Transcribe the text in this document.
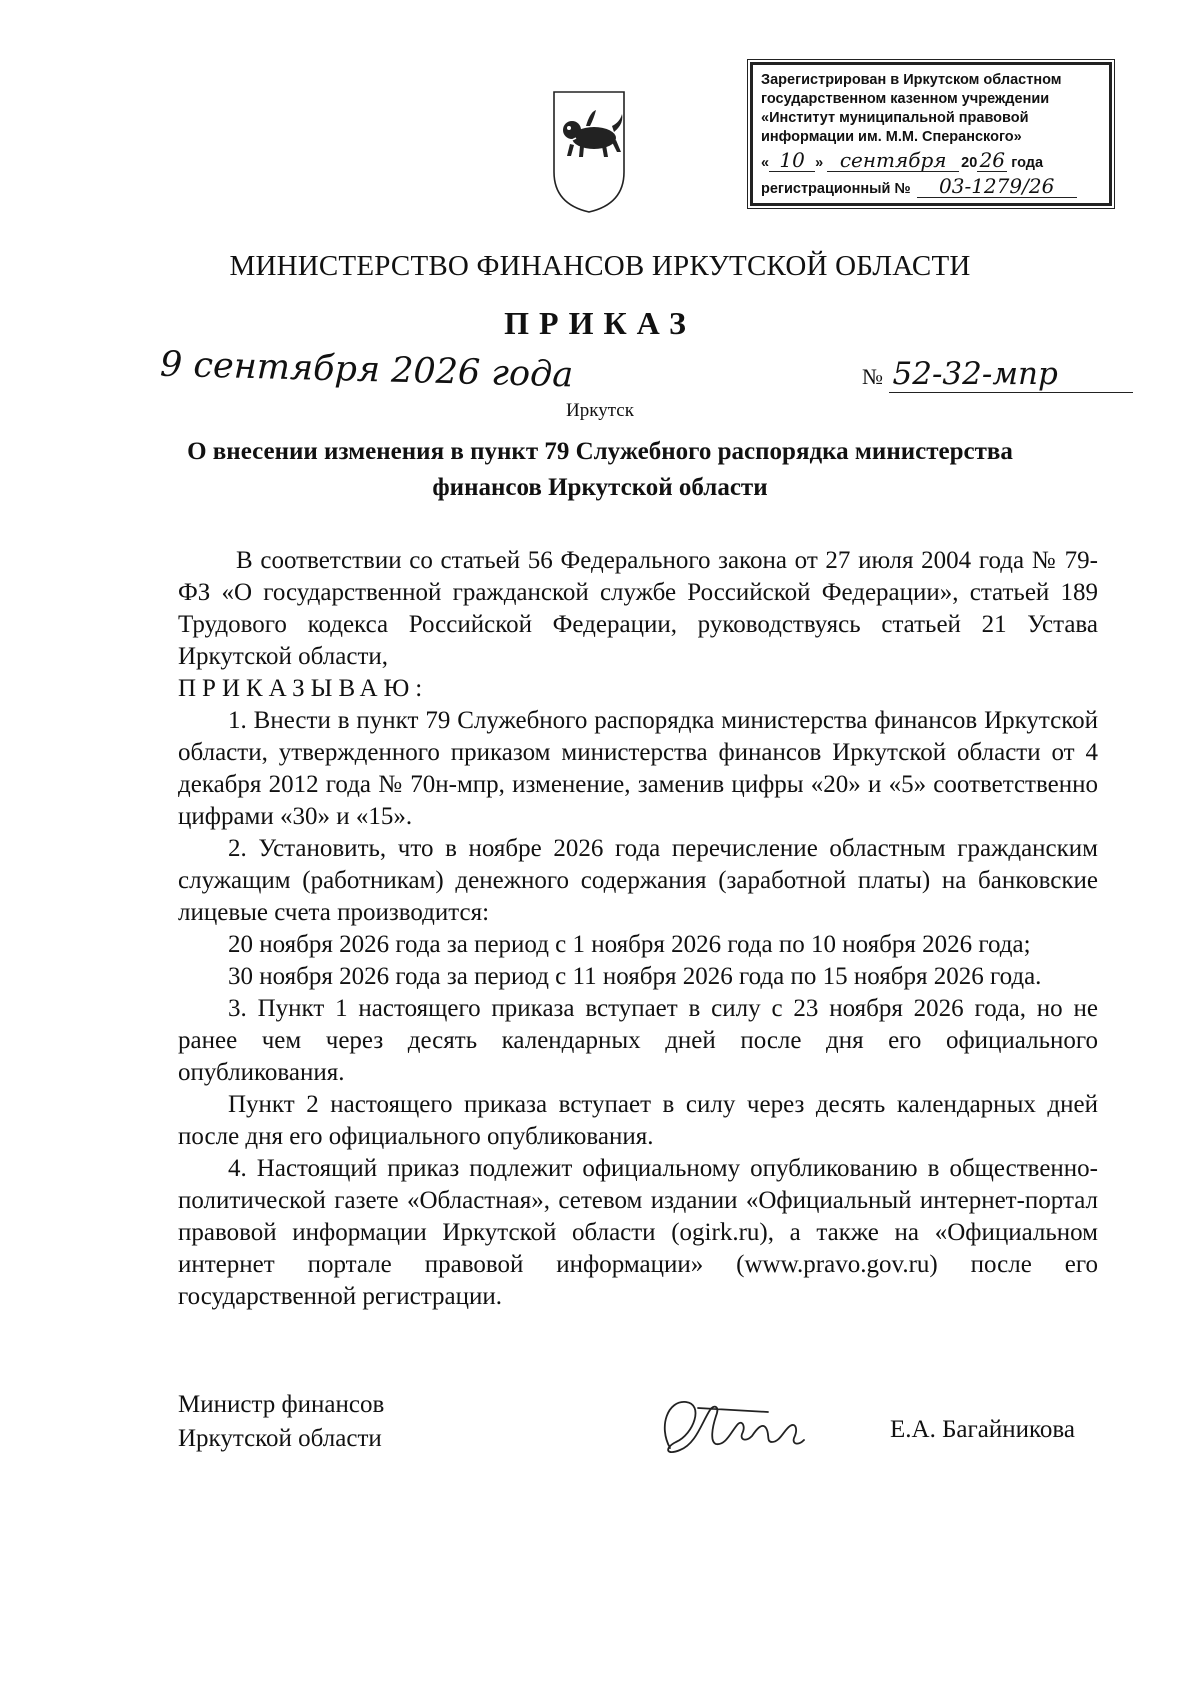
Зарегистрирован в Иркутском областном
государственном казенном учреждении
«Институт муниципальной правовой
информации им. М.М. Сперанского»
« 10 » сентября	20 26 года
регистрационный №	03-1279/26
МИНИСТЕРСТВО ФИНАНСОВ ИРКУТСКОЙ ОБЛАСТИ
ПРИКАЗ
9 сентября 2026 года	№ 52-32-мпр
Иркутск
О внесении изменения в пункт 79 Служебного распорядка министерства
финансов Иркутской области

В соответствии со статьей 56 Федерального закона от 27 июля 2004 года № 79-ФЗ «О государственной гражданской службе Российской Федерации», статьей 189 Трудового кодекса Российской Федерации, руководствуясь статьей 21 Устава Иркутской области,

ПРИКАЗЫВАЮ:

1. Внести в пункт 79 Служебного распорядка министерства финансов Иркутской области, утвержденного приказом министерства финансов Иркутской области от 4 декабря 2012 года № 70н-мпр, изменение, заменив цифры «20» и «5» соответственно цифрами «30» и «15».

2. Установить, что в ноябре 2026 года перечисление областным гражданским служащим (работникам) денежного содержания (заработной платы) на банковские лицевые счета производится:

20 ноября 2026 года за период с 1 ноября 2026 года по 10 ноября 2026 года;

30 ноября 2026 года за период с 11 ноября 2026 года по 15 ноября 2026 года.

3. Пункт 1 настоящего приказа вступает в силу с 23 ноября 2026 года, но не ранее чем через десять календарных дней после дня его официального опубликования.

Пункт 2 настоящего приказа вступает в силу через десять календарных дней после дня его официального опубликования.

4. Настоящий приказ подлежит официальному опубликованию в общественно-политической газете «Областная», сетевом издании «Официальный интернет-портал правовой информации Иркутской области (ogirk.ru), а также на «Официальном интернет портале правовой информации» (www.pravo.gov.ru) после его государственной регистрации.

Министр финансов
Иркутской области	Е.А. Багайникова
